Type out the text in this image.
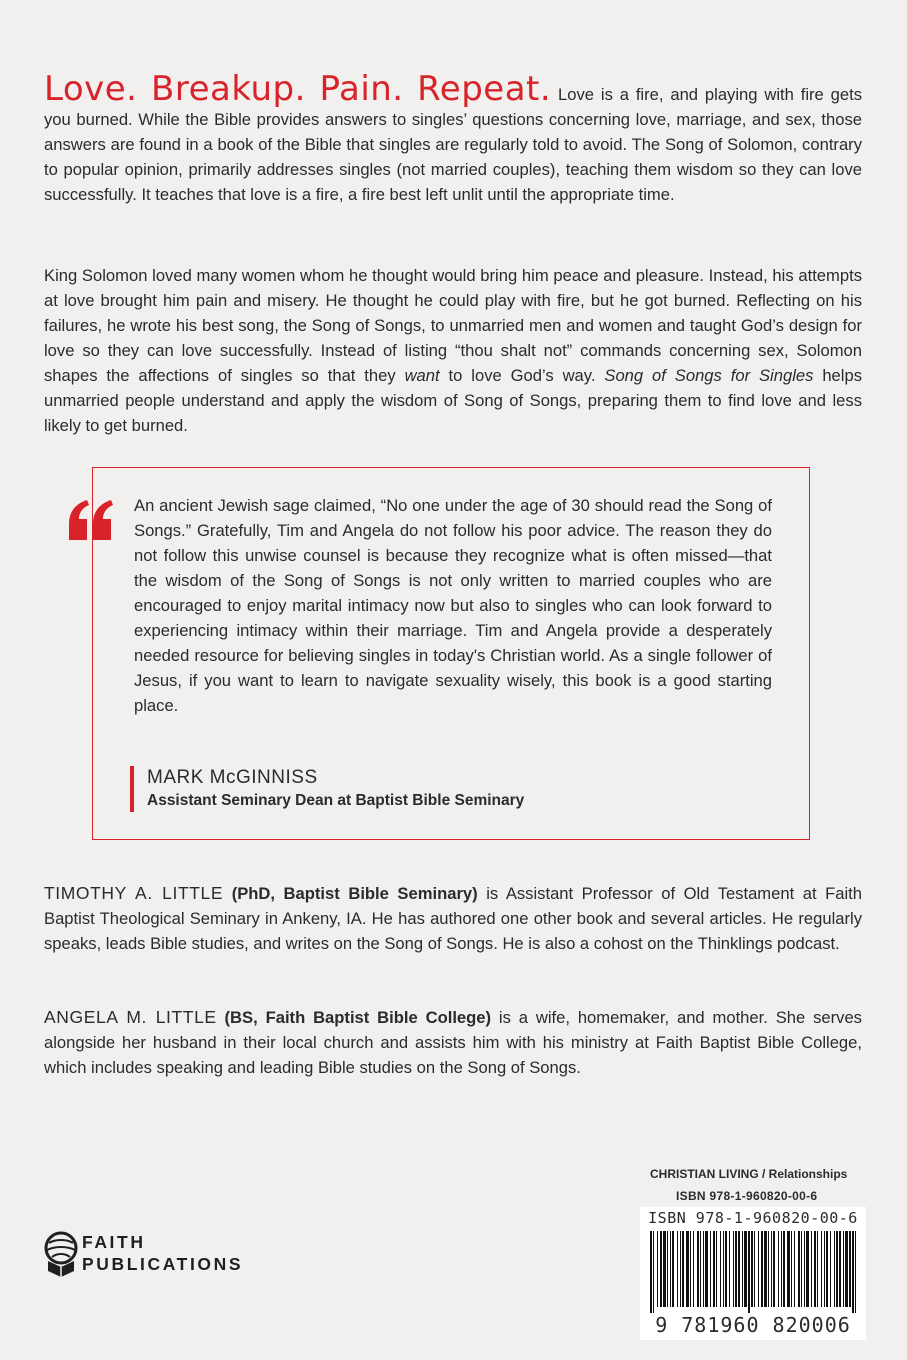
Love. Breakup. Pain. Repeat. Love is a fire, and playing with fire gets you burned. While the Bible provides answers to singles’ questions concerning love, marriage, and sex, those answers are found in a book of the Bible that singles are regularly told to avoid. The Song of Solomon, contrary to popular opinion, primarily addresses singles (not married couples), teaching them wisdom so they can love successfully. It teaches that love is a fire, a fire best left unlit until the appropriate time.

King Solomon loved many women whom he thought would bring him peace and pleasure. Instead, his attempts at love brought him pain and misery. He thought he could play with fire, but he got burned. Reflecting on his failures, he wrote his best song, the Song of Songs, to unmarried men and women and taught God’s design for love so they can love successfully. Instead of listing “thou shalt not” commands concerning sex, Solomon shapes the affections of singles so that they want to love God’s way. Song of Songs for Singles helps unmarried people understand and apply the wisdom of Song of Songs, preparing them to find love and less likely to get burned.

An ancient Jewish sage claimed, “No one under the age of 30 should read the Song of Songs.” Gratefully, Tim and Angela do not follow his poor advice. The reason they do not follow this unwise counsel is because they recognize what is often missed—that the wisdom of the Song of Songs is not only written to married couples who are encouraged to enjoy marital intimacy now but also to singles who can look forward to experiencing intimacy within their marriage. Tim and Angela provide a desperately needed resource for believing singles in today's Christian world. As a single follower of Jesus, if you want to learn to navigate sexuality wisely, this book is a good starting place.

MARK McGINNISS
Assistant Seminary Dean at Baptist Bible Seminary

TIMOTHY A. LITTLE (PhD, Baptist Bible Seminary) is Assistant Professor of Old Testament at Faith Baptist Theological Seminary in Ankeny, IA. He has authored one other book and several articles. He regularly speaks, leads Bible studies, and writes on the Song of Songs. He is also a cohost on the Thinklings podcast.

ANGELA M. LITTLE (BS, Faith Baptist Bible College) is a wife, homemaker, and mother. She serves alongside her husband in their local church and assists him with his ministry at Faith Baptist Bible College, which includes speaking and leading Bible studies on the Song of Songs.

FAITH
PUBLICATIONS
CHRISTIAN LIVING / Relationships
ISBN 978-1-960820-00-6
ISBN 978-1-960820-00-6
9 781960 820006
